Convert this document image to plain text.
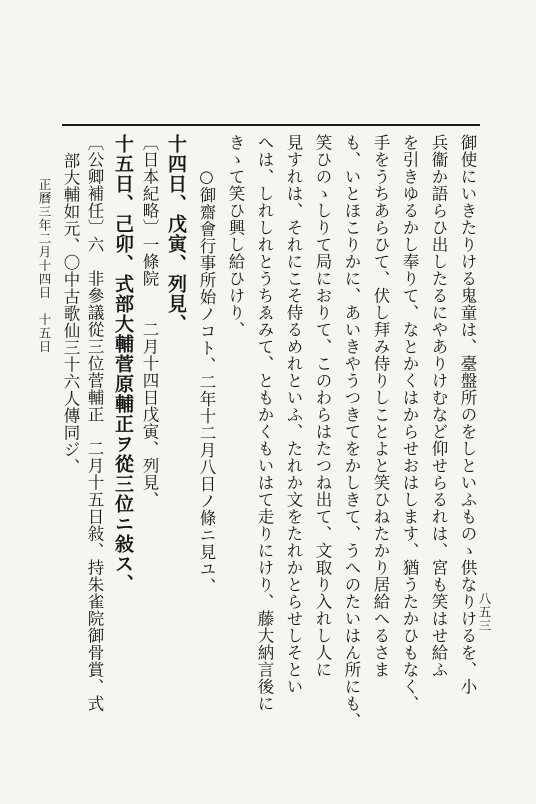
八五三
御使にいきたりける鬼童は、臺盤所のをしといふものゝ供なりけるを、小
兵衞か語らひ出したるにやありけむなど仰せらるれは、宮も笑はせ給ふ
を引きゆるかし奉りて、なとかくはからせおはします、猶うたかひもなく、
手をうちあらひて、伏し拜み侍りしことよと笑ひねたかり居給へるさま
も、いとほこりかに、あいきやうつきてをかしきて、うへのたいはん所にも、
笑ひのゝしりて局におりて、このわらはたつね出て、文取り入れし人に
見すれは、それにこそ侍るめれといふ、たれか文をたれかとらせしそとい
へは、しれしれとうちゑみて、ともかくもいはて走りにけり、藤大納言後に
きゝて笑ひ興し給ひけり、
○御齋會行事所始ノコト、二年十二月八日ノ條ニ見ユ、
十四日、戊寅、列見、
〔日本紀略〕一條院　　二月十四日戊寅、列見、
十五日、己卯、式部大輔菅原輔正ヲ從三位ニ敍ス、
〔公卿補任〕六　非參議從三位菅輔正　二月十五日敍、持朱雀院御骨賞、式
部大輔如元、〇中古歌仙三十六人傳同ジ、
正曆三年二月十四日　十五日
